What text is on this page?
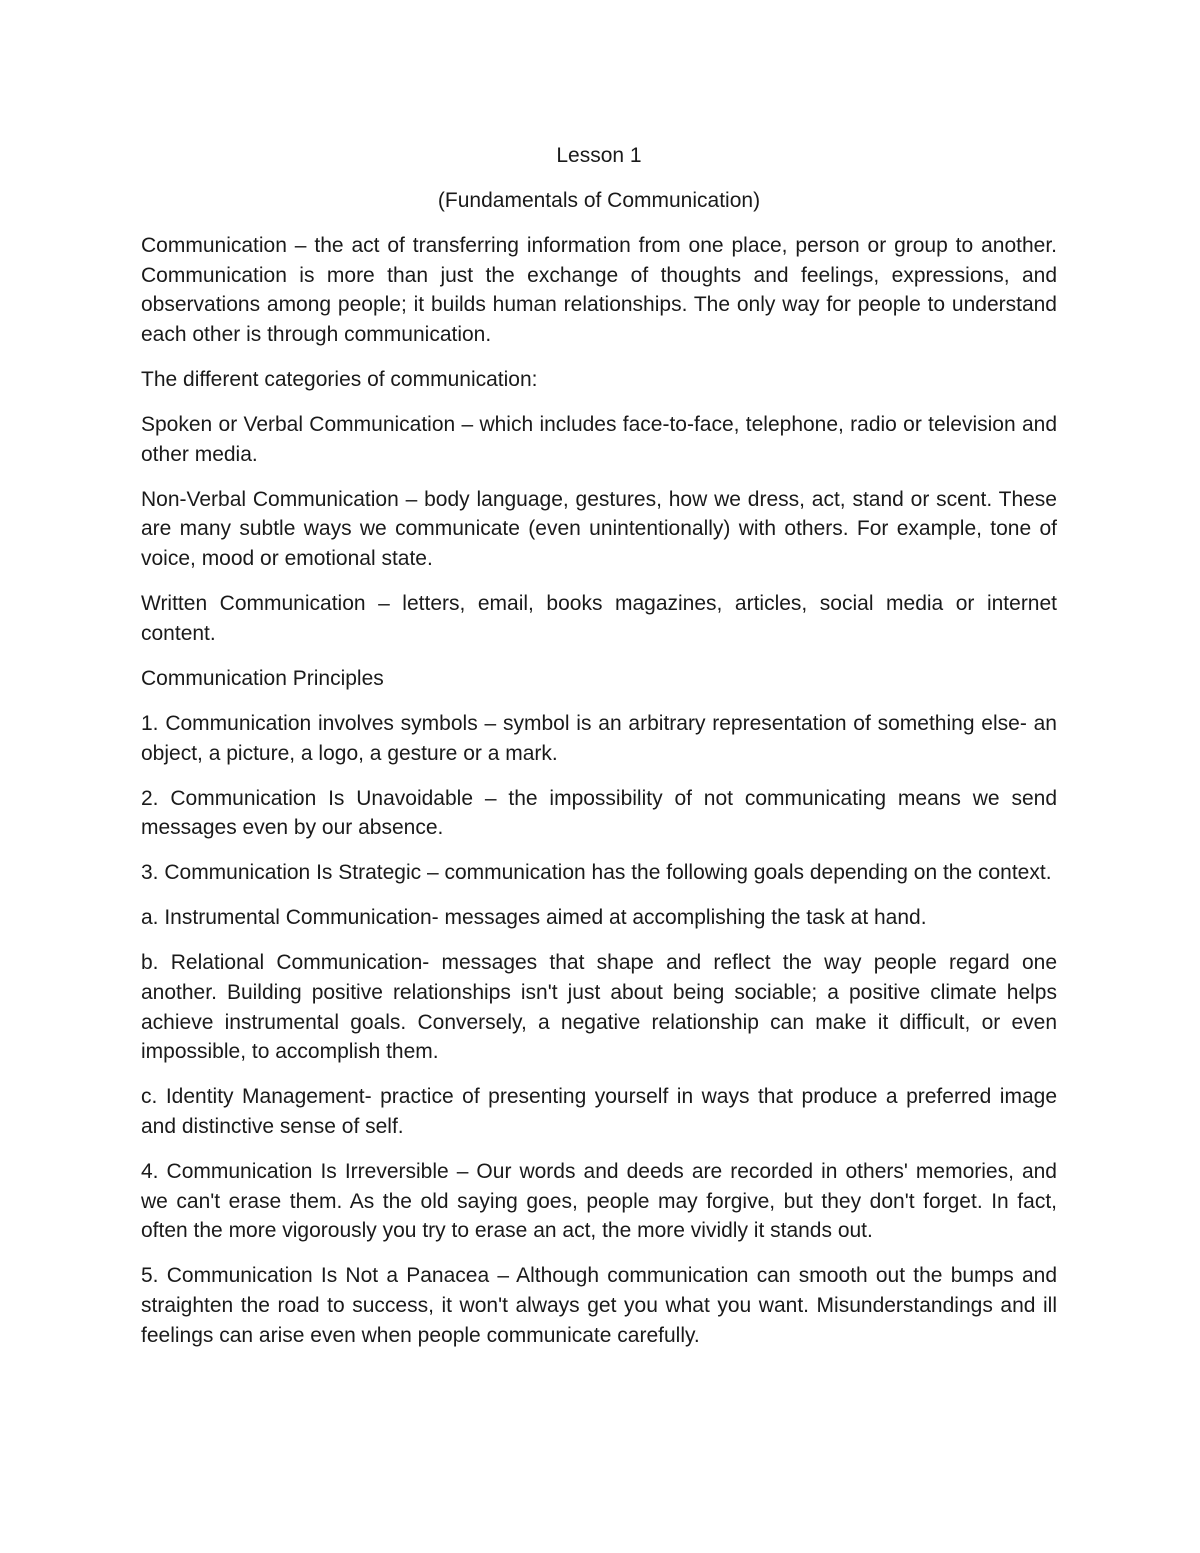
Lesson 1
(Fundamentals of Communication)

Communication – the act of transferring information from one place, person or group to another. Communication is more than just the exchange of thoughts and feelings, expressions, and observations among people; it builds human relationships. The only way for people to understand each other is through communication.

The different categories of communication:

Spoken or Verbal Communication – which includes face-to-face, telephone, radio or television and other media.

Non-Verbal Communication – body language, gestures, how we dress, act, stand or scent. These are many subtle ways we communicate (even unintentionally) with others. For example, tone of voice, mood or emotional state.

Written Communication – letters, email, books magazines, articles, social media or internet content.

Communication Principles

1. Communication involves symbols – symbol is an arbitrary representation of something else- an object, a picture, a logo, a gesture or a mark.

2. Communication Is Unavoidable – the impossibility of not communicating means we send messages even by our absence.

3. Communication Is Strategic – communication has the following goals depending on the context.

a. Instrumental Communication- messages aimed at accomplishing the task at hand.

b. Relational Communication- messages that shape and reflect the way people regard one another. Building positive relationships isn't just about being sociable; a positive climate helps achieve instrumental goals. Conversely, a negative relationship can make it difficult, or even impossible, to accomplish them.

c. Identity Management- practice of presenting yourself in ways that produce a preferred image and distinctive sense of self.

4. Communication Is Irreversible – Our words and deeds are recorded in others' memories, and we can't erase them. As the old saying goes, people may forgive, but they don't forget. In fact, often the more vigorously you try to erase an act, the more vividly it stands out.

5. Communication Is Not a Panacea – Although communication can smooth out the bumps and straighten the road to success, it won't always get you what you want. Misunderstandings and ill feelings can arise even when people communicate carefully.
